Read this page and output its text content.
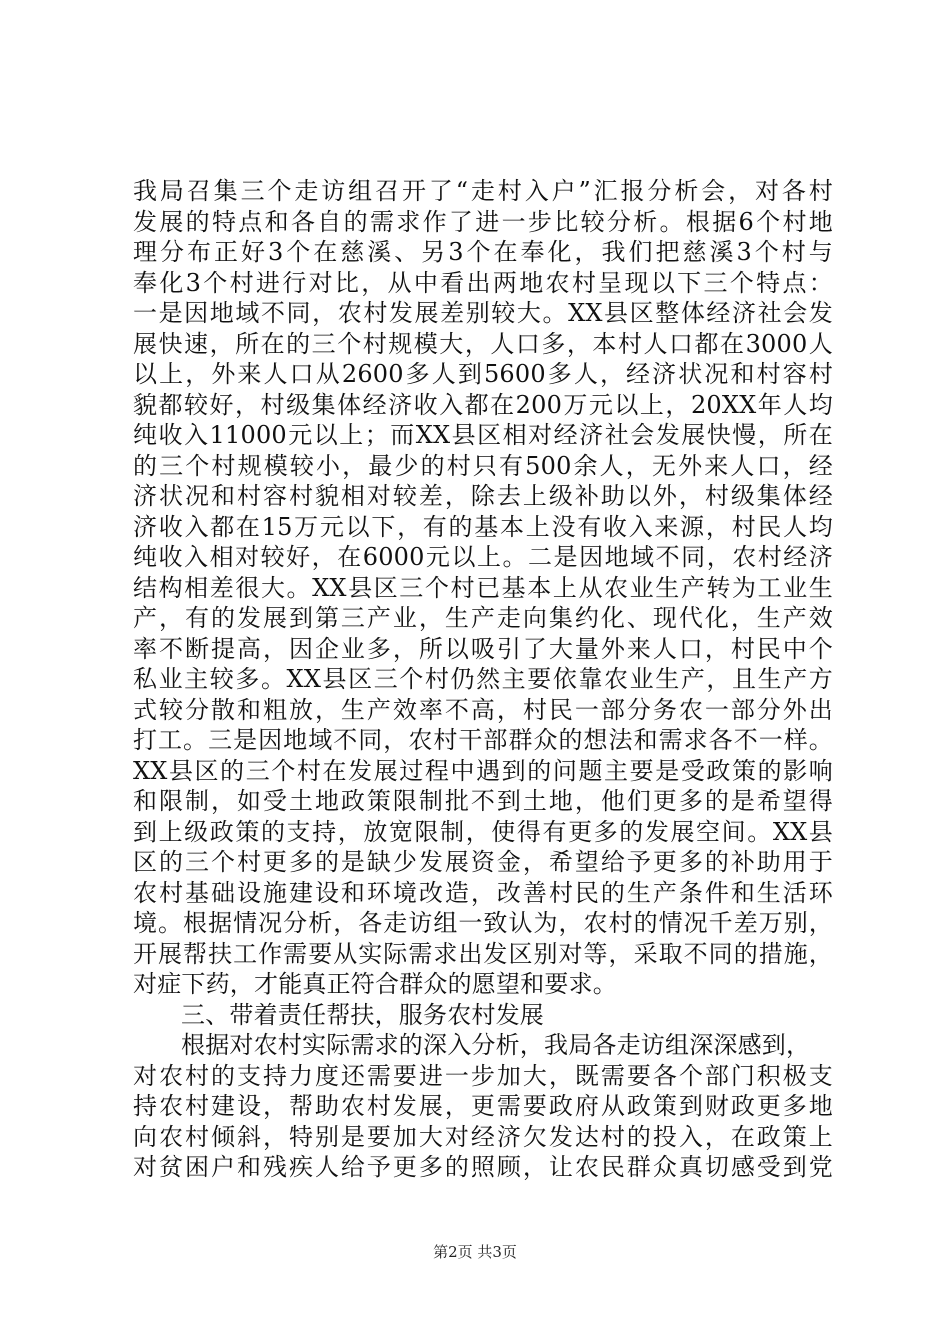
我局召集三个走访组召开了“走村入户”汇报分析会，对各村
发展的特点和各自的需求作了进一步比较分析。根据6个村地
理分布正好3个在慈溪、另3个在奉化，我们把慈溪3个村与
奉化3个村进行对比，从中看出两地农村呈现以下三个特点：
一是因地域不同，农村发展差别较大。XX县区整体经济社会发
展快速，所在的三个村规模大，人口多，本村人口都在3000人
以上，外来人口从2600多人到5600多人，经济状况和村容村
貌都较好，村级集体经济收入都在200万元以上，20XX年人均
纯收入11000元以上；而XX县区相对经济社会发展快慢，所在
的三个村规模较小，最少的村只有500余人，无外来人口，经
济状况和村容村貌相对较差，除去上级补助以外，村级集体经
济收入都在15万元以下，有的基本上没有收入来源，村民人均
纯收入相对较好，在6000元以上。二是因地域不同，农村经济
结构相差很大。XX县区三个村已基本上从农业生产转为工业生
产，有的发展到第三产业，生产走向集约化、现代化，生产效
率不断提高，因企业多，所以吸引了大量外来人口，村民中个
私业主较多。XX县区三个村仍然主要依靠农业生产，且生产方
式较分散和粗放，生产效率不高，村民一部分务农一部分外出
打工。三是因地域不同，农村干部群众的想法和需求各不一样。
XX县区的三个村在发展过程中遇到的问题主要是受政策的影响
和限制，如受土地政策限制批不到土地，他们更多的是希望得
到上级政策的支持，放宽限制，使得有更多的发展空间。XX县
区的三个村更多的是缺少发展资金，希望给予更多的补助用于
农村基础设施建设和环境改造，改善村民的生产条件和生活环
境。根据情况分析，各走访组一致认为，农村的情况千差万别，
开展帮扶工作需要从实际需求出发区别对等，采取不同的措施，
对症下药，才能真正符合群众的愿望和要求。
三、带着责任帮扶，服务农村发展
根据对农村实际需求的深入分析，我局各走访组深深感到，
对农村的支持力度还需要进一步加大，既需要各个部门积极支
持农村建设，帮助农村发展，更需要政府从政策到财政更多地
向农村倾斜，特别是要加大对经济欠发达村的投入，在政策上
对贫困户和残疾人给予更多的照顾，让农民群众真切感受到党
第2页 共3页
